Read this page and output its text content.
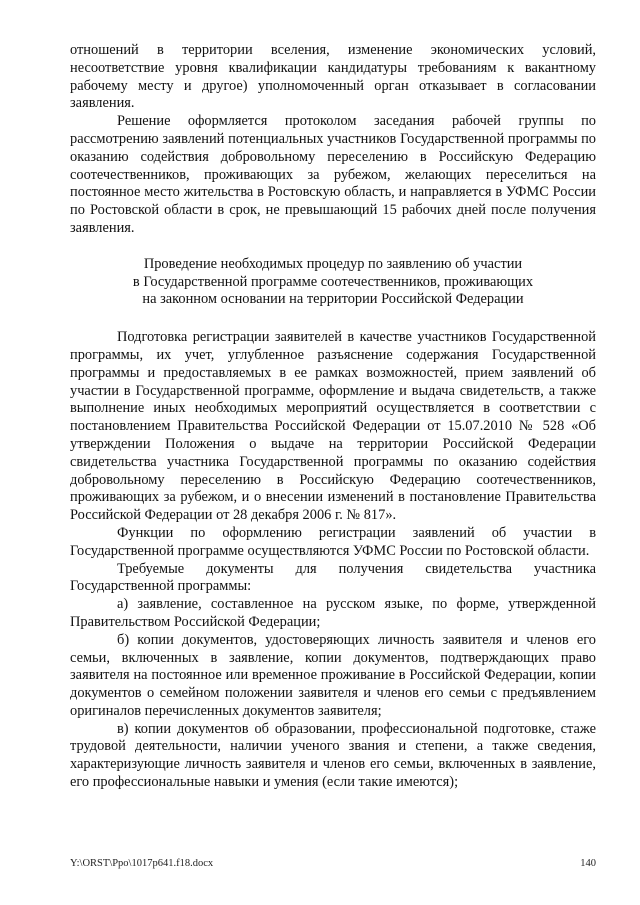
отношений в территории вселения, изменение экономических условий, несоответствие уровня квалификации кандидатуры требованиям к вакантному рабочему месту и другое) уполномоченный орган отказывает в согласовании заявления.

Решение оформляется протоколом заседания рабочей группы по рассмотрению заявлений потенциальных участников Государственной программы по оказанию содействия добровольному переселению в Российскую Федерацию соотечественников, проживающих за рубежом, желающих переселиться на постоянное место жительства в Ростовскую область, и направляется в УФМС России по Ростовской области в срок, не превышающий 15 рабочих дней после получения заявления.

Проведение необходимых процедур по заявлению об участии
в Государственной программе соотечественников, проживающих
на законном основании на территории Российской Федерации

Подготовка регистрации заявителей в качестве участников Государственной программы, их учет, углубленное разъяснение содержания Государственной программы и предоставляемых в ее рамках возможностей, прием заявлений об участии в Государственной программе, оформление и выдача свидетельств, а также выполнение иных необходимых мероприятий осуществляется в соответствии с постановлением Правительства Российской Федерации от 15.07.2010 № 528 «Об утверждении Положения о выдаче на территории Российской Федерации свидетельства участника Государственной программы по оказанию содействия добровольному переселению в Российскую Федерацию соотечественников, проживающих за рубежом, и о внесении изменений в постановление Правительства Российской Федерации от 28 декабря 2006 г. № 817».

Функции по оформлению регистрации заявлений об участии в Государственной программе осуществляются УФМС России по Ростовской области.

Требуемые документы для получения свидетельства участника Государственной программы:

а) заявление, составленное на русском языке, по форме, утвержденной Правительством Российской Федерации;

б) копии документов, удостоверяющих личность заявителя и членов его семьи, включенных в заявление, копии документов, подтверждающих право заявителя на постоянное или временное проживание в Российской Федерации, копии документов о семейном положении заявителя и членов его семьи с предъявлением оригиналов перечисленных документов заявителя;

в) копии документов об образовании, профессиональной подготовке, стаже трудовой деятельности, наличии ученого звания и степени, а также сведения, характеризующие личность заявителя и членов его семьи, включенных в заявление, его профессиональные навыки и умения (если такие имеются);

Y:\ORST\Ppo\1017p641.f18.docx	140
